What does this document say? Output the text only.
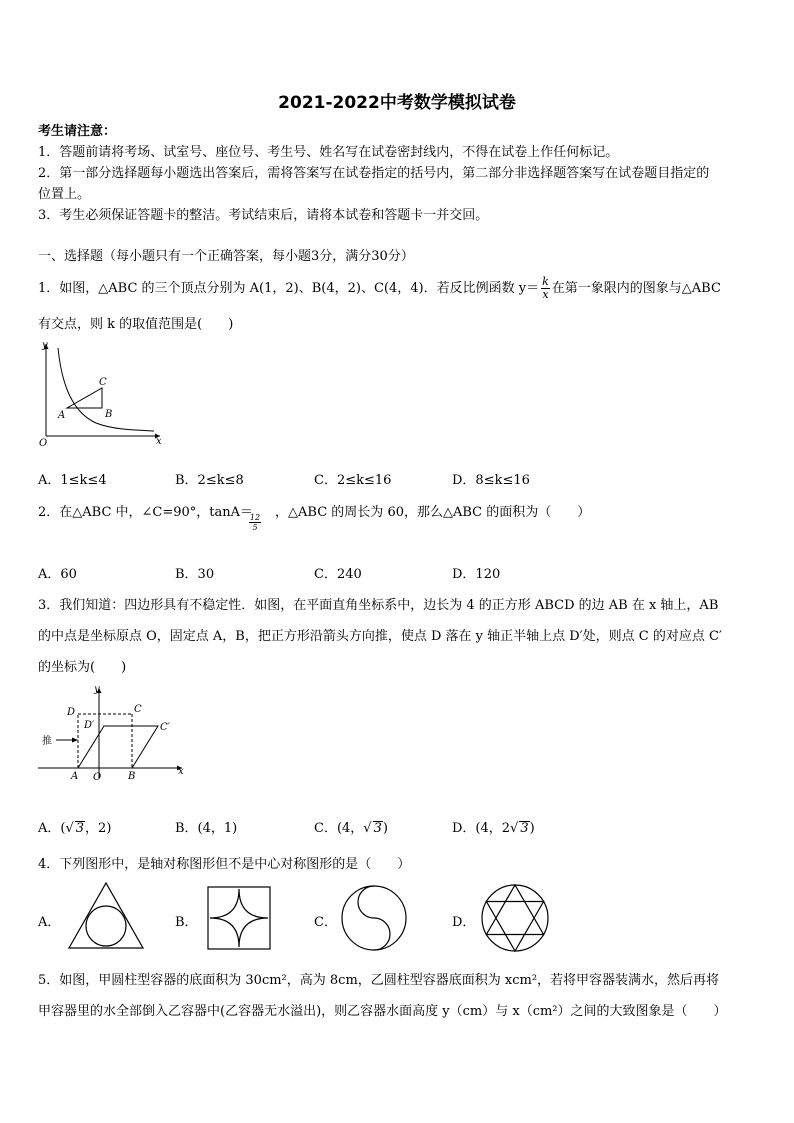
2021-2022中考数学模拟试卷
考生请注意：
1．答题前请将考场、试室号、座位号、考生号、姓名写在试卷密封线内，不得在试卷上作任何标记。
2．第一部分选择题每小题选出答案后，需将答案写在试卷指定的括号内，第二部分非选择题答案写在试卷题目指定的
位置上。
3．考生必须保证答题卡的整洁。考试结束后，请将本试卷和答题卡一并交回。
一、选择题（每小题只有一个正确答案，每小题3分，满分30分）
1．如图，△ABC 的三个顶点分别为 A(1，2)、B(4，2)、C(4，4)．若反比例函数 $y= \frac{k}{x}$ 在第一象限内的图象与△ABC
有交点，则 k 的取值范围是(　　)
y
x
O
A	B
C
A．1≤k≤4	B．2≤k≤8	C．2≤k≤16	D．8≤k≤16
2．在△ABC 中，∠C=90°，tanA＝ ，△ABC 的周长为 60，那么△ABC 的面积为（　　）
$\frac{12}{5}$
A．60	B．30	C．240	D．120
3．我们知道：四边形具有不稳定性．如图，在平面直角坐标系中，边长为 4 的正方形 ABCD 的边 AB 在 x 轴上，AB
的中点是坐标原点 O，固定点 A，B，把正方形沿箭头方向推，使点 D 落在 y 轴正半轴上点 D′处，则点 C 的对应点 C′
的坐标为(　　)
y
x
O
A	B
C
D
D′	C′
推
A．(√ 3，2)	B．(4，1)	C．(4，√ 3)	D．(4，2√ 3)
4．下列图形中，是轴对称图形但不是中心对称图形的是（　　）
A．	B．	C．	D．
5．如图，甲圆柱型容器的底面积为 30cm²，高为 8cm，乙圆柱型容器底面积为 xcm²，若将甲容器装满水，然后再将
甲容器里的水全部倒入乙容器中(乙容器无水溢出)，则乙容器水面高度 y（cm）与 x（cm²）之间的大致图象是（　　）
